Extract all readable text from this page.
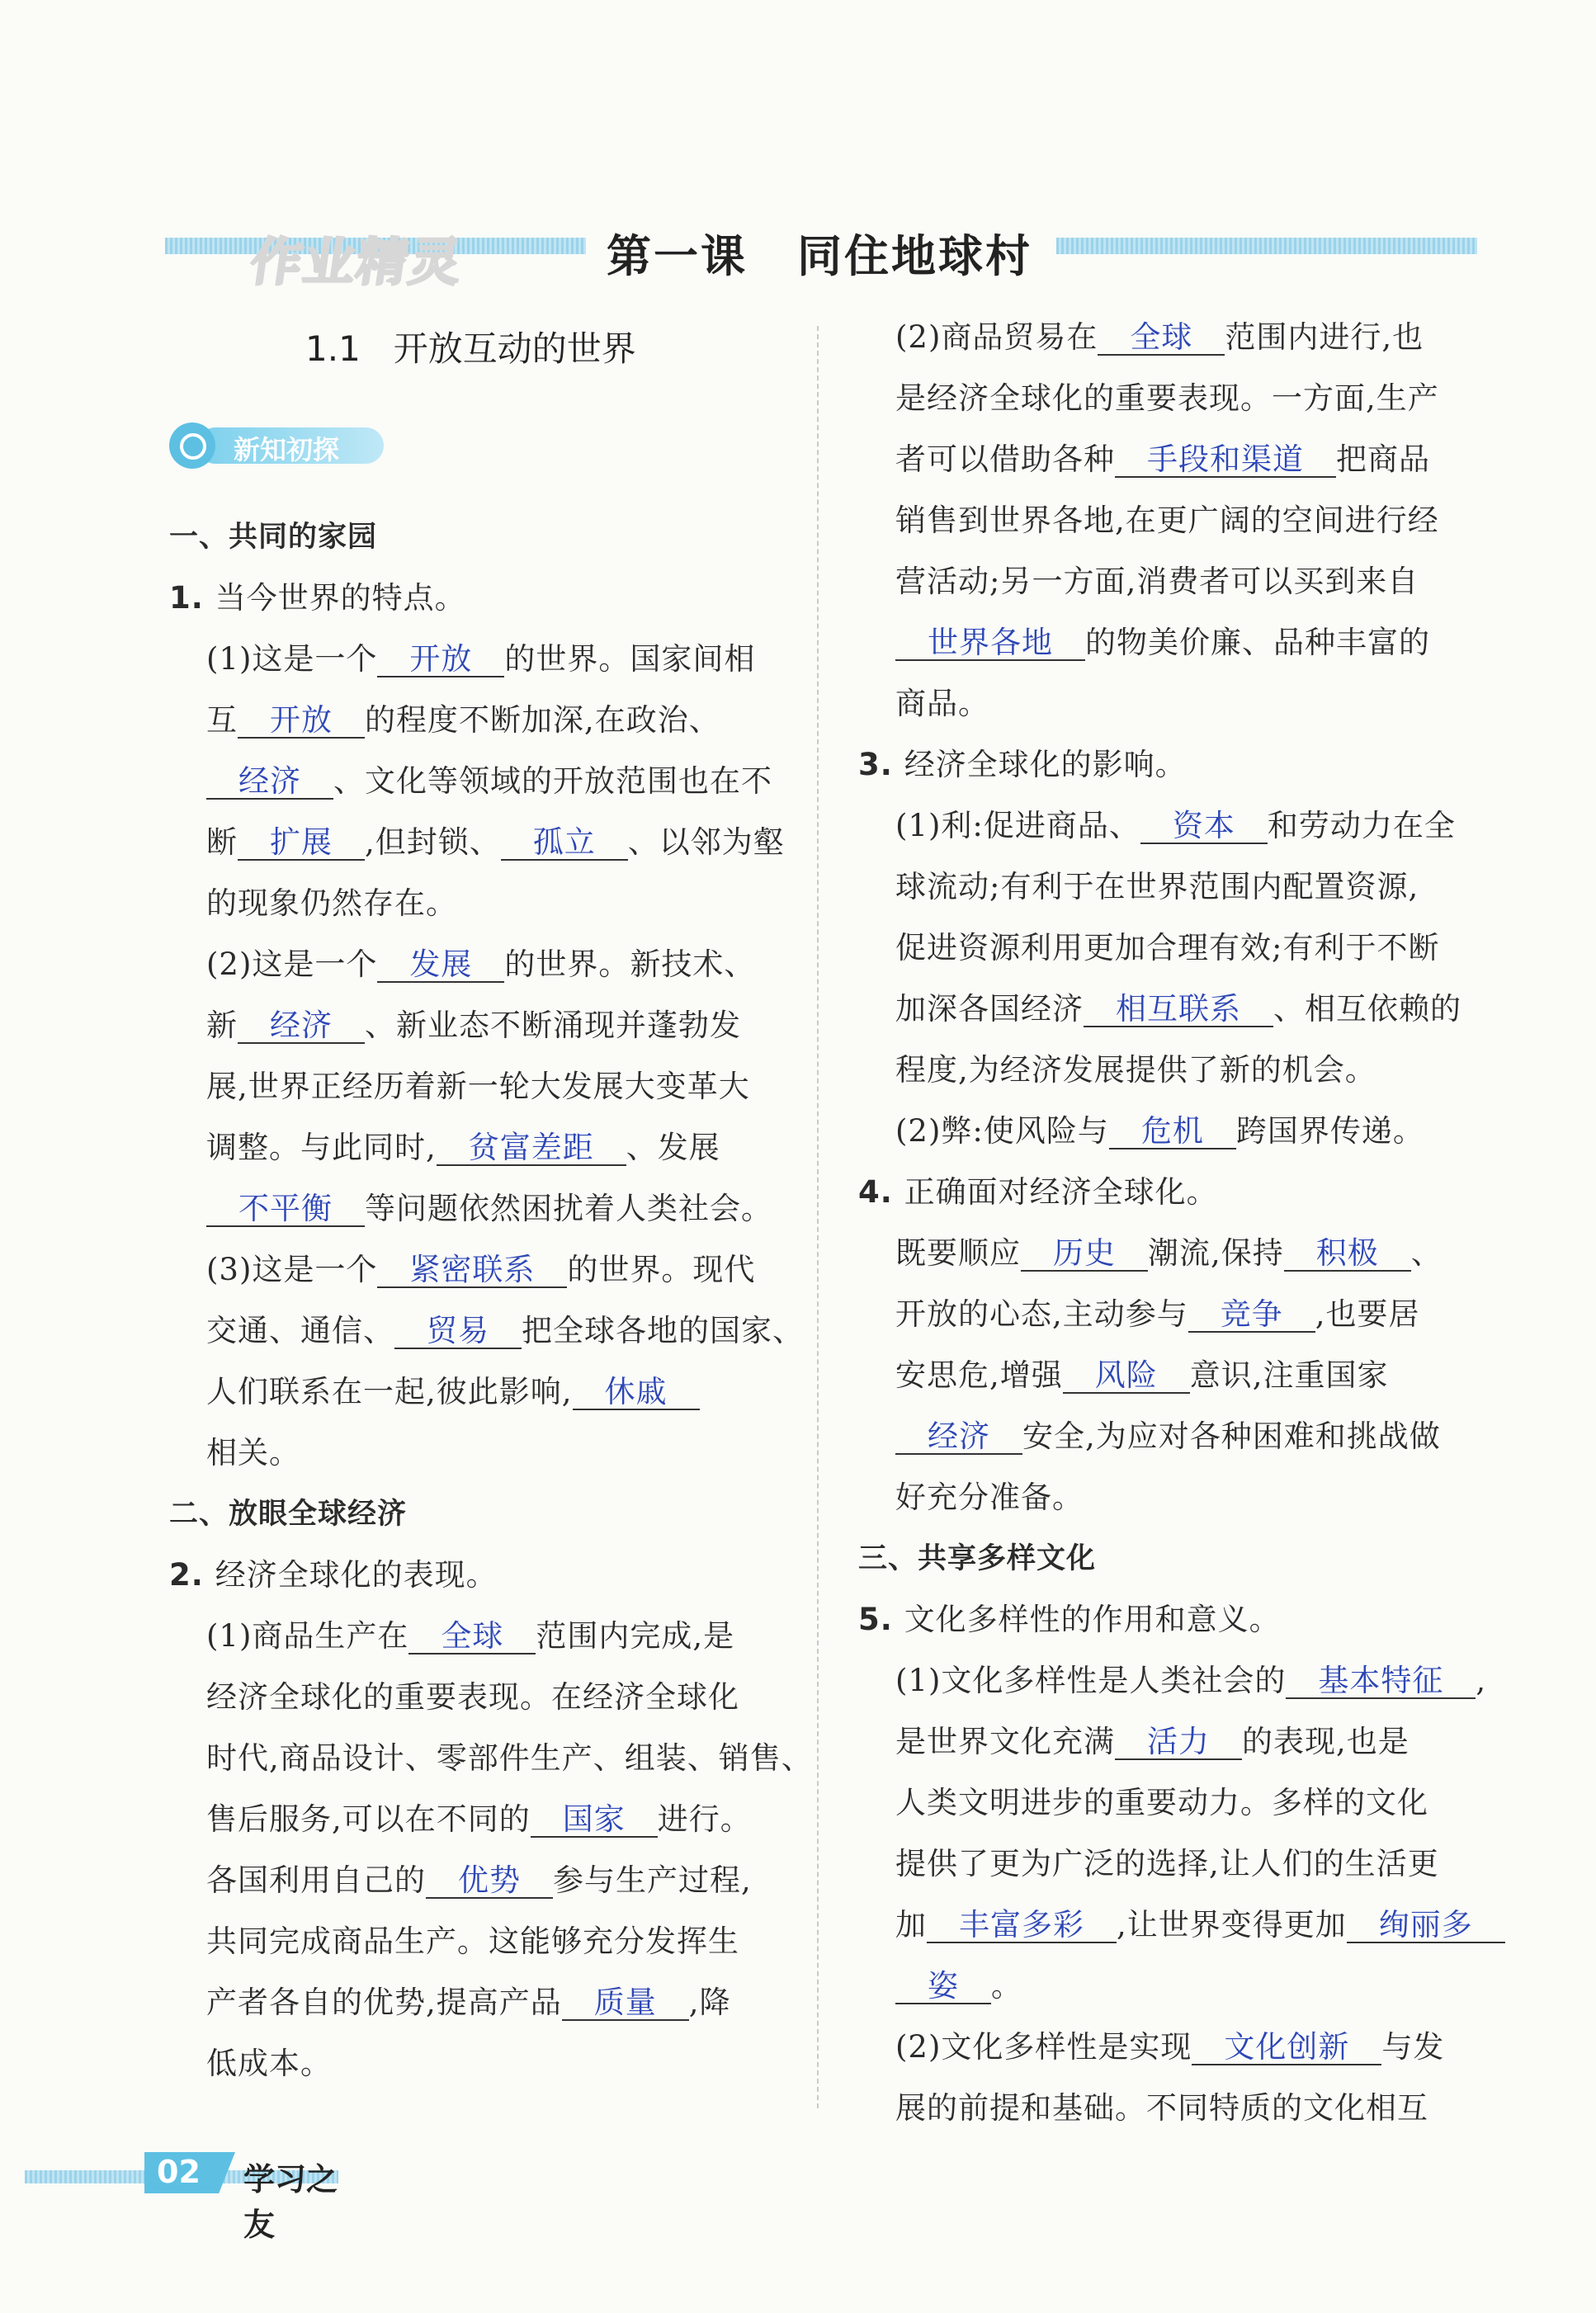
作业精灵	第一课 同住地球村
1.1 开放互动的世界
新知初探
一、共同的家园
1. 当今世界的特点。
(1)这是一个 开放 的世界。国家间相
互 开放 的程度不断加深,在政治、
经济 、文化等领域的开放范围也在不
断 扩展 ,但封锁、 孤立 、以邻为壑
的现象仍然存在。
(2)这是一个 发展 的世界。新技术、
新 经济 、新业态不断涌现并蓬勃发
展,世界正经历着新一轮大发展大变革大
调整。与此同时, 贫富差距 、发展
不平衡 等问题依然困扰着人类社会。
(3)这是一个 紧密联系 的世界。现代
交通、通信、 贸易 把全球各地的国家、
人们联系在一起,彼此影响, 休戚
相关。
二、放眼全球经济
2. 经济全球化的表现。
(1)商品生产在 全球 范围内完成,是
经济全球化的重要表现。在经济全球化
时代,商品设计、零部件生产、组装、销售、
售后服务,可以在不同的 国家 进行。
各国利用自己的 优势 参与生产过程,
共同完成商品生产。这能够充分发挥生
产者各自的优势,提高产品 质量 ,降
低成本。
(2)商品贸易在 全球 范围内进行,也
是经济全球化的重要表现。一方面,生产
者可以借助各种 手段和渠道 把商品
销售到世界各地,在更广阔的空间进行经
营活动;另一方面,消费者可以买到来自
世界各地 的物美价廉、品种丰富的
商品。
3. 经济全球化的影响。
(1)利:促进商品、 资本 和劳动力在全
球流动;有利于在世界范围内配置资源,
促进资源利用更加合理有效;有利于不断
加深各国经济 相互联系 、相互依赖的
程度,为经济发展提供了新的机会。
(2)弊:使风险与 危机 跨国界传递。
4. 正确面对经济全球化。
既要顺应 历史 潮流,保持 积极 、
开放的心态,主动参与 竞争 ,也要居
安思危,增强 风险 意识,注重国家
经济 安全,为应对各种困难和挑战做
好充分准备。
三、共享多样文化
5. 文化多样性的作用和意义。
(1)文化多样性是人类社会的 基本特征 ,
是世界文化充满 活力 的表现,也是
人类文明进步的重要动力。多样的文化
提供了更为广泛的选择,让人们的生活更
加 丰富多彩 ,让世界变得更加 绚丽多
姿 。
(2)文化多样性是实现 文化创新 与发
展的前提和基础。不同特质的文化相互
02 学习之友
